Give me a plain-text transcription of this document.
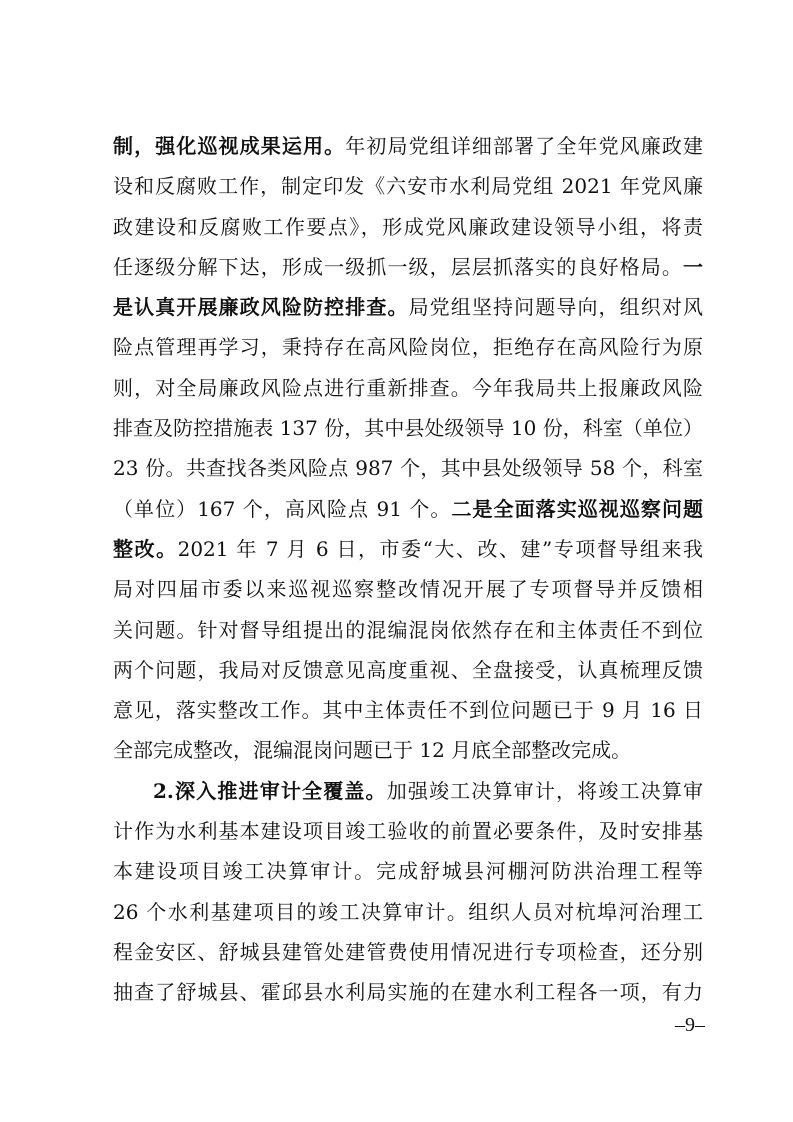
制，强化巡视成果运用。年初局党组详细部署了全年党风廉政建
设和反腐败工作，制定印发《六安市水利局党组 2021 年党风廉
政建设和反腐败工作要点》，形成党风廉政建设领导小组，将责
任逐级分解下达，形成一级抓一级，层层抓落实的良好格局。一
是认真开展廉政风险防控排查。局党组坚持问题导向，组织对风
险点管理再学习，秉持存在高风险岗位，拒绝存在高风险行为原
则，对全局廉政风险点进行重新排查。今年我局共上报廉政风险
排查及防控措施表 137 份，其中县处级领导 10 份，科室（单位）
23 份。共查找各类风险点 987 个，其中县处级领导 58 个，科室
（单位）167 个，高风险点 91 个。二是全面落实巡视巡察问题
整改。2021 年 7 月 6 日，市委“大、改、建”专项督导组来我
局对四届市委以来巡视巡察整改情况开展了专项督导并反馈相
关问题。针对督导组提出的混编混岗依然存在和主体责任不到位
两个问题，我局对反馈意见高度重视、全盘接受，认真梳理反馈
意见，落实整改工作。其中主体责任不到位问题已于 9 月 16 日
全部完成整改，混编混岗问题已于 12 月底全部整改完成。
2.深入推进审计全覆盖。加强竣工决算审计，将竣工决算审
计作为水利基本建设项目竣工验收的前置必要条件，及时安排基
本建设项目竣工决算审计。完成舒城县河棚河防洪治理工程等
26 个水利基建项目的竣工决算审计。组织人员对杭埠河治理工
程金安区、舒城县建管处建管费使用情况进行专项检查，还分别
抽查了舒城县、霍邱县水利局实施的在建水利工程各一项，有力
–9–
